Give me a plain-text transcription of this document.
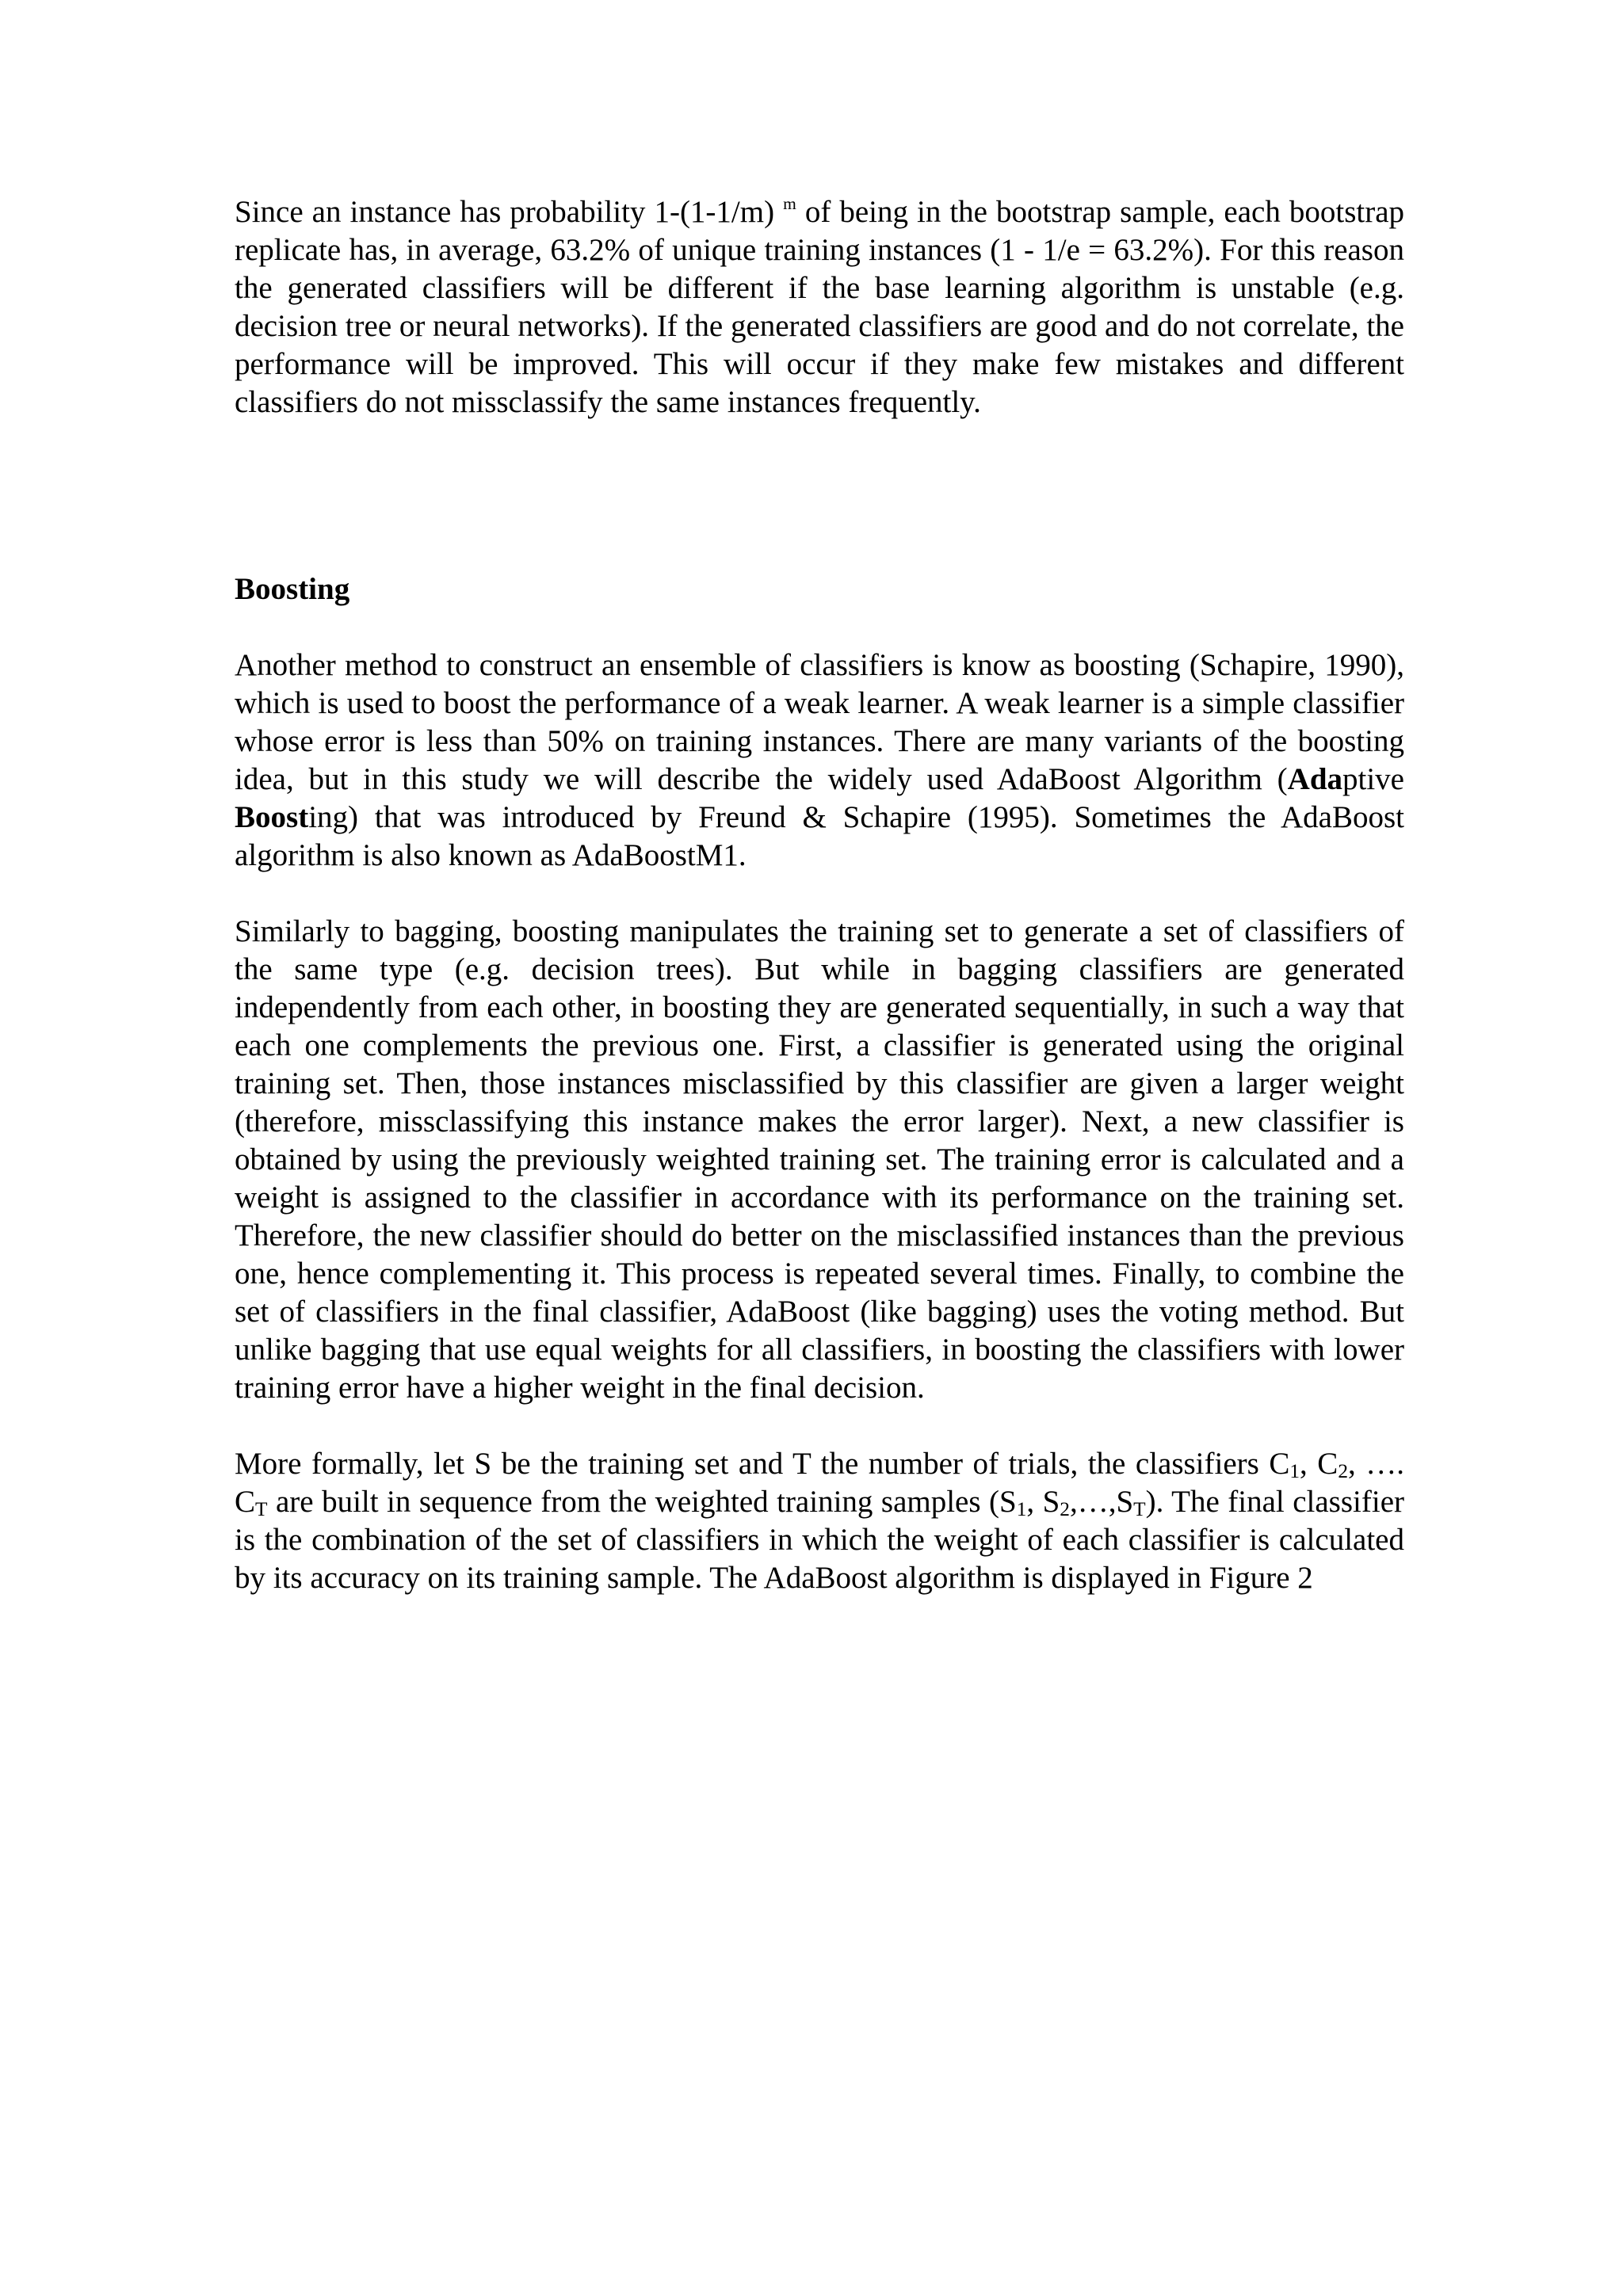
Since an instance has probability 1-(1-1/m) $^m$ of being in the bootstrap sample, each bootstrap replicate has, in average, 63.2% of unique training instances (1 - 1/e = 63.2%). For this reason the generated classifiers will be different if the base learning algorithm is unstable (e.g. decision tree or neural networks). If the generated classifiers are good and do not correlate, the performance will be improved. This will occur if they make few mistakes and different classifiers do not missclassify the same instances frequently.

Boosting

Another method to construct an ensemble of classifiers is know as boosting (Schapire, 1990), which is used to boost the performance of a weak learner. A weak learner is a simple classifier whose error is less than 50% on training instances. There are many variants of the boosting idea, but in this study we will describe the widely used AdaBoost Algorithm (Adaptive Boosting) that was introduced by Freund & Schapire (1995). Sometimes the AdaBoost algorithm is also known as AdaBoostM1.

Similarly to bagging, boosting manipulates the training set to generate a set of classifiers of the same type (e.g. decision trees). But while in bagging classifiers are generated independently from each other, in boosting they are generated sequentially, in such a way that each one complements the previous one. First, a classifier is generated using the original training set. Then, those instances misclassified by this classifier are given a larger weight (therefore, missclassifying this instance makes the error larger). Next, a new classifier is obtained by using the previously weighted training set. The training error is calculated and a weight is assigned to the classifier in accordance with its performance on the training set. Therefore, the new classifier should do better on the misclassified instances than the previous one, hence complementing it. This process is repeated several times. Finally, to combine the set of classifiers in the final classifier, AdaBoost (like bagging) uses the voting method. But unlike bagging that use equal weights for all classifiers, in boosting the classifiers with lower training error have a higher weight in the final decision.

More formally, let S be the training set and T the number of trials, the classifiers $C_1$, $C_2$, …. $C_T$ are built in sequence from the weighted training samples ($S_1$, $S_2,\dots,S_T$). The final classifier is the combination of the set of classifiers in which the weight of each classifier is calculated by its accuracy on its training sample. The AdaBoost algorithm is displayed in Figure 2
